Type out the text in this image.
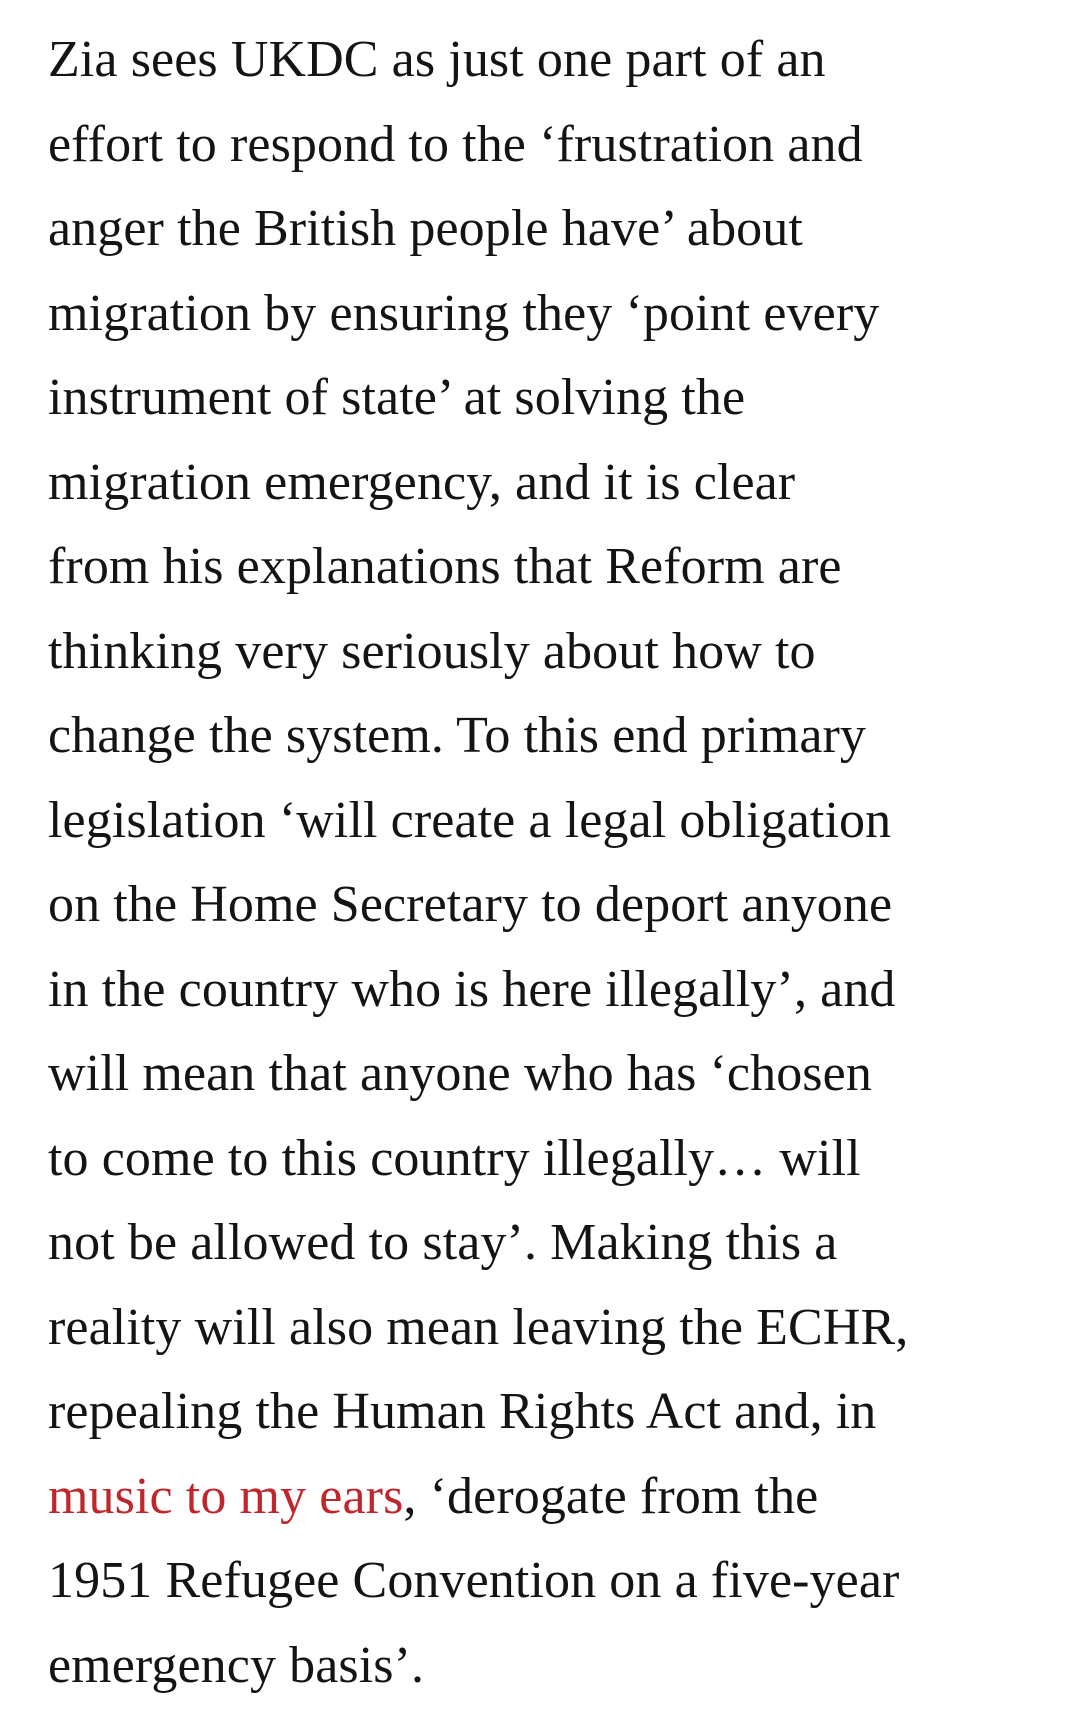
Zia sees UKDC as just one part of an
effort to respond to the ‘frustration and
anger the British people have’ about
migration by ensuring they ‘point every
instrument of state’ at solving the
migration emergency, and it is clear
from his explanations that Reform are
thinking very seriously about how to
change the system. To this end primary
legislation ‘will create a legal obligation
on the Home Secretary to deport anyone
in the country who is here illegally’, and
will mean that anyone who has ‘chosen
to come to this country illegally… will
not be allowed to stay’. Making this a
reality will also mean leaving the ECHR,
repealing the Human Rights Act and, in
music to my ears, ‘derogate from the
1951 Refugee Convention on a five-year
emergency basis’.
